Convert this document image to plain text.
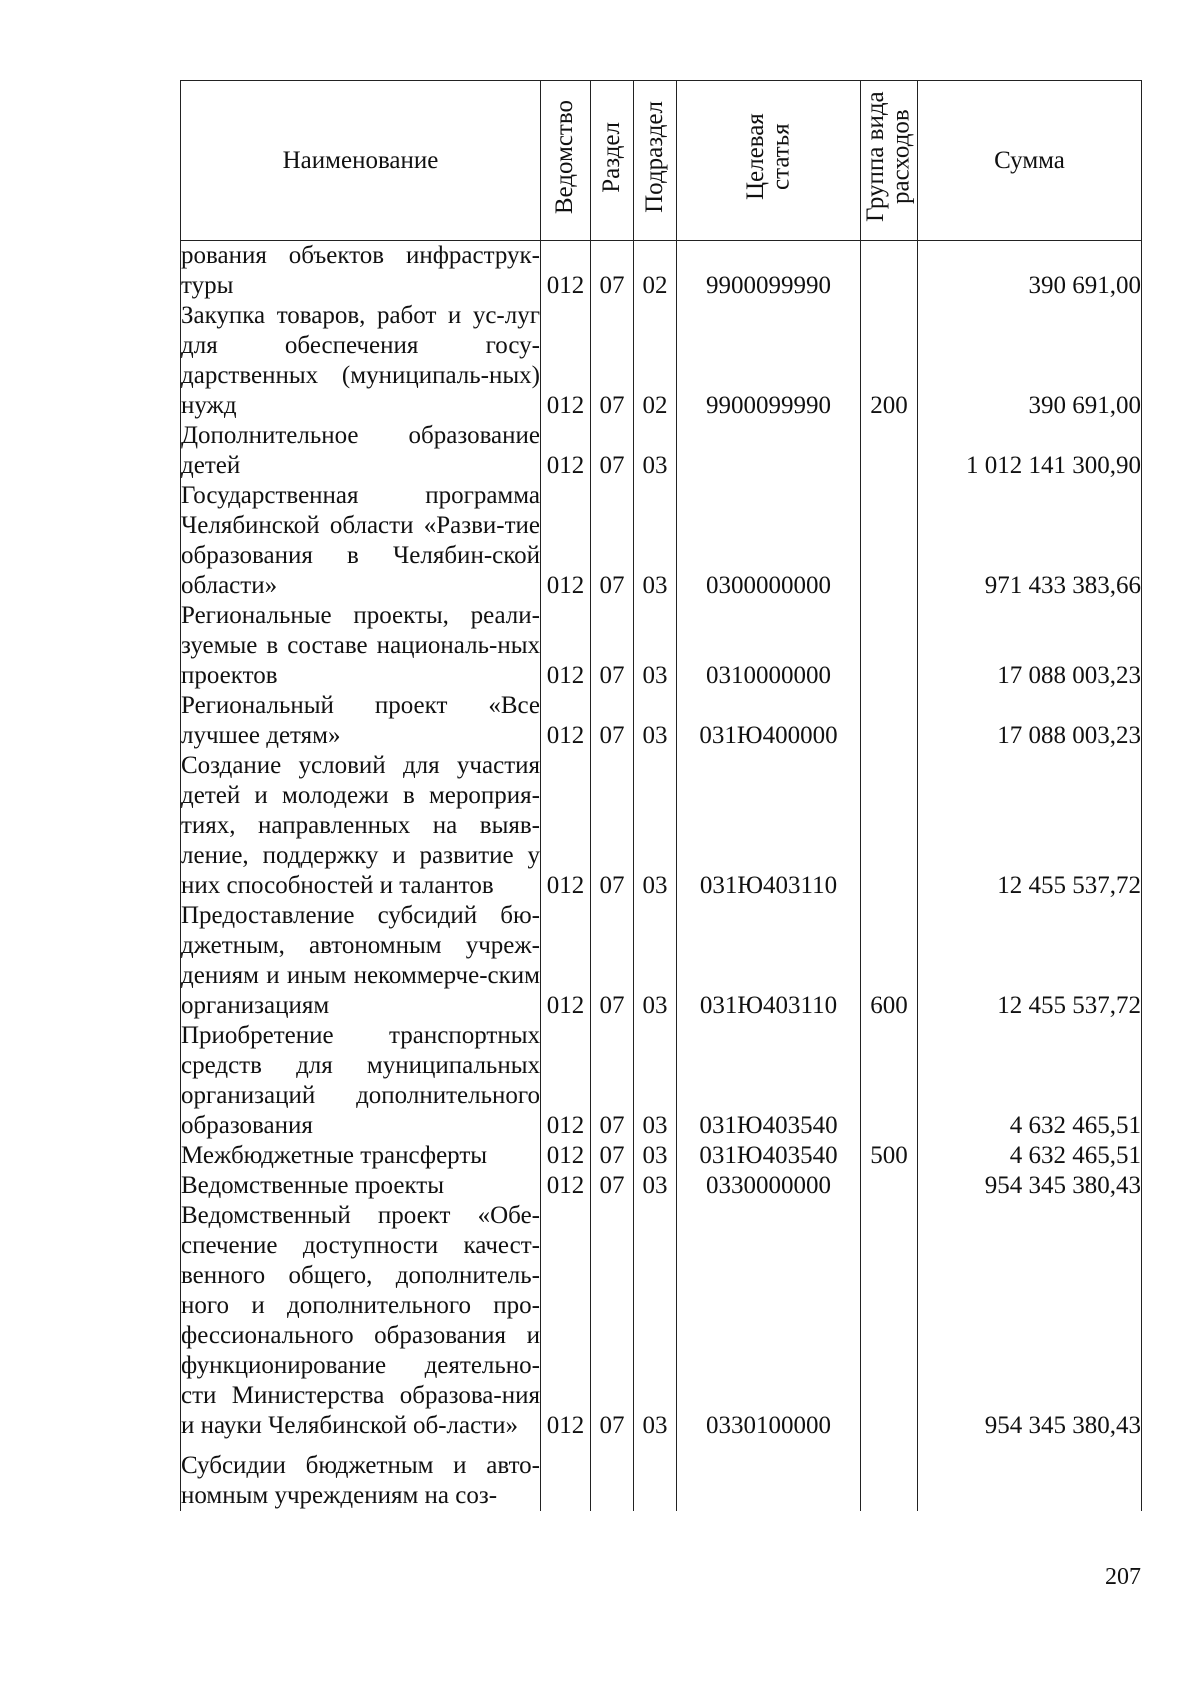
Наименование	Ведомство	Раздел	Подраздел	Целевая статья	Группа вида расходов	Сумма
рования объектов инфраструк-туры	012	07	02	9900099990		390 691,00
Закупка товаров, работ и ус-луг для обеспечения госу-дарственных (муниципаль-ных) нужд	012	07	02	9900099990	200	390 691,00
Дополнительное образование детей	012	07	03			1 012 141 300,90
Государственная программа Челябинской области «Разви-тие образования в Челябин-ской области»	012	07	03	0300000000		971 433 383,66
Региональные проекты, реали-зуемые в составе националь-ных проектов	012	07	03	0310000000		17 088 003,23
Региональный проект «Все лучшее детям»	012	07	03	031Ю400000		17 088 003,23
Создание условий для участия детей и молодежи в мероприя-тиях, направленных на выяв-ление, поддержку и развитие у них способностей и талантов	012	07	03	031Ю403110		12 455 537,72
Предоставление субсидий бю-джетным, автономным учреж-дениям и иным некоммерче-ским организациям	012	07	03	031Ю403110	600	12 455 537,72
Приобретение транспортных средств для муниципальных организаций дополнительного образования	012	07	03	031Ю403540		4 632 465,51
Межбюджетные трансферты	012	07	03	031Ю403540	500	4 632 465,51
Ведомственные проекты	012	07	03	0330000000		954 345 380,43
Ведомственный проект «Обе-спечение доступности качест-венного общего, дополнитель-ного и дополнительного про-фессионального образования и функционирование деятельно-сти Министерства образова-ния и науки Челябинской об-ласти»	012	07	03	0330100000		954 345 380,43
Субсидии бюджетным и авто-номным учреждениям на соз-						
207
